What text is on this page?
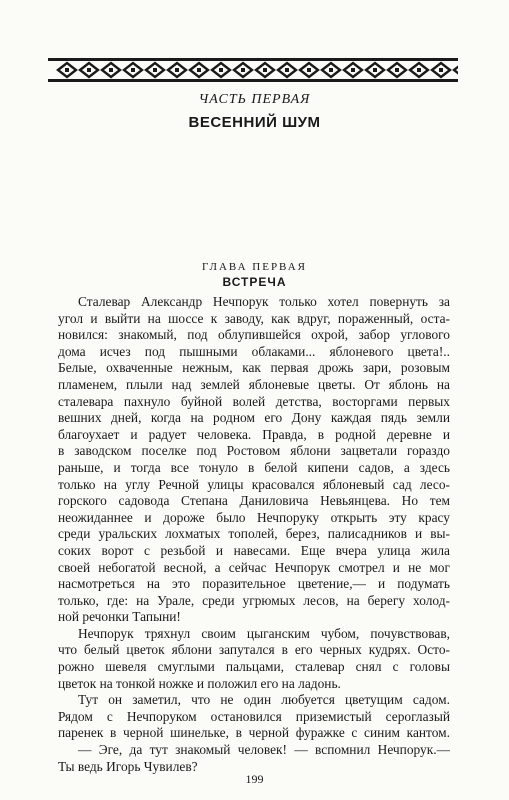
ЧАСТЬ ПЕРВАЯ
ВЕСЕННИЙ ШУМ
ГЛАВА ПЕРВАЯ
ВСТРЕЧА
Сталевар Александр Нечпорук только хотел повернуть за
угол и выйти на шоссе к заводу, как вдруг, пораженный, оста-
новился: знакомый, под облупившейся охрой, забор углового
дома исчез под пышными облаками... яблоневого цвета!..
Белые, охваченные нежным, как первая дрожь зари, розовым
пламенем, плыли над землей яблоневые цветы. От яблонь на
сталевара пахнуло буйной волей детства, восторгами первых
вешних дней, когда на родном его Дону каждая пядь земли
благоухает и радует человека. Правда, в родной деревне и
в заводском поселке под Ростовом яблони зацветали гораздо
раньше, и тогда все тонуло в белой кипени садов, а здесь
только на углу Речной улицы красовался яблоневый сад лесо-
горского садовода Степана Даниловича Невьянцева. Но тем
неожиданнее и дороже было Нечпоруку открыть эту красу
среди уральских лохматых тополей, берез, палисадников и вы-
соких ворот с резьбой и навесами. Еще вчера улица жила
своей небогатой весной, а сейчас Нечпорук смотрел и не мог
насмотреться на это поразительное цветение,— и подумать
только, где: на Урале, среди угрюмых лесов, на берегу холод-
ной речонки Тапыни!
Нечпорук тряхнул своим цыганским чубом, почувствовав,
что белый цветок яблони запутался в его черных кудрях. Осто-
рожно шевеля смуглыми пальцами, сталевар снял с головы
цветок на тонкой ножке и положил его на ладонь.
Тут он заметил, что не один любуется цветущим садом.
Рядом с Нечпоруком остановился приземистый сероглазый
паренек в черной шинельке, в черной фуражке с синим кантом.
— Эге, да тут знакомый человек! — вспомнил Нечпорук.—
Ты ведь Игорь Чувилев?
199
